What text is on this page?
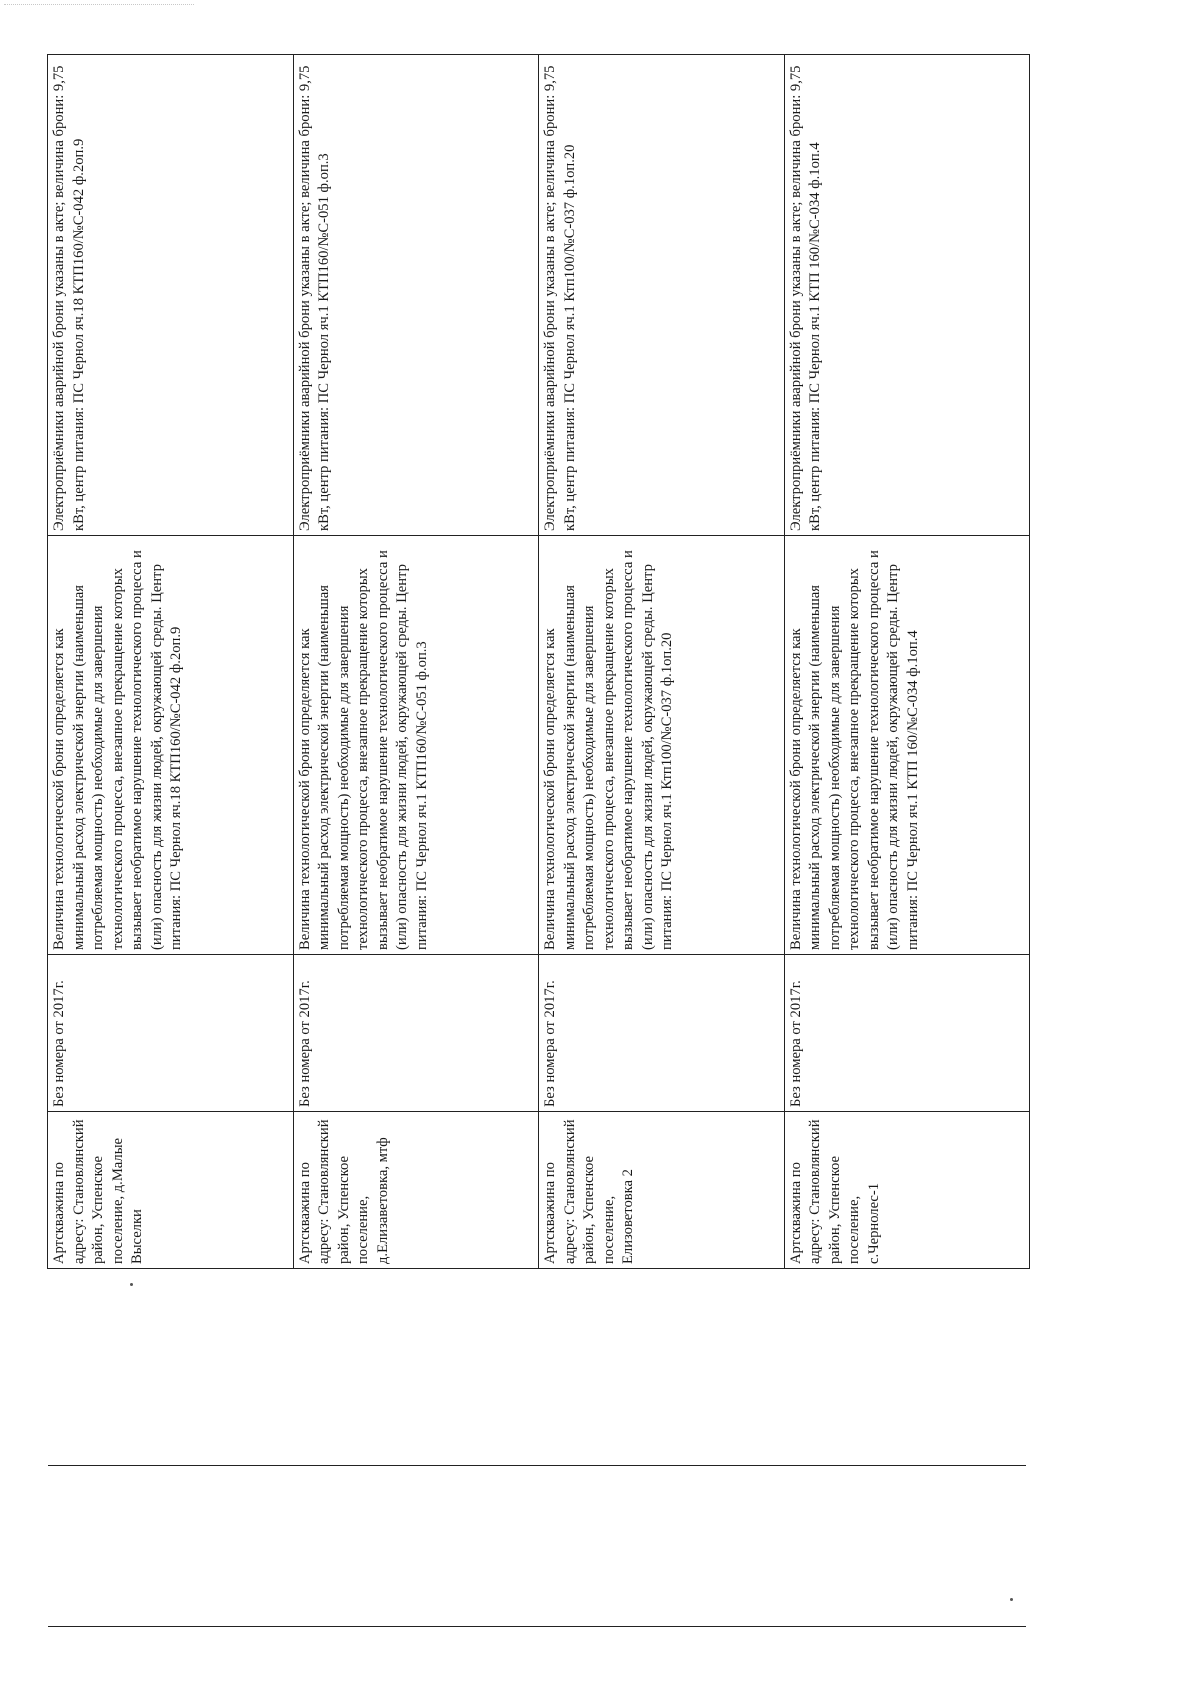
Артскважина по адресу: Становлянский район, Успенское поселение, д.Малые Выселки	Без номера от 2017г.	Величина технологической брони определяется как минимальный расход электрической энергии (наименьшая потребляемая мощность) необходимые для завершения технологического процесса, внезапное прекращение которых вызывает необратимое нарушение технологического процесса и (или) опасность для жизни людей, окружающей среды. Центр питания: ПС Чернол яч.18 КТП160/№С-042 ф.2оп.9	Электроприёмники аварийной брони указаны в акте; величина брони: 9,75 кВт, центр питания: ПС Чернол яч.18 КТП160/№С-042 ф.2оп.9

Артскважина по адресу: Становлянский район, Успенское поселение, д.Елизаветовка, мтф	Без номера от 2017г.	Величина технологической брони определяется как минимальный расход электрической энергии (наименьшая потребляемая мощность) необходимые для завершения технологического процесса, внезапное прекращение которых вызывает необратимое нарушение технологического процесса и (или) опасность для жизни людей, окружающей среды. Центр питания: ПС Чернол яч.1 КТП160/№С-051 ф.оп.3	Электроприёмники аварийной брони указаны в акте; величина брони: 9,75 кВт, центр питания: ПС Чернол яч.1 КТП160/№С-051 ф.оп.3

Артскважина по адресу: Становлянский район, Успенское поселение, Елизоветовка 2	Без номера от 2017г.	Величина технологической брони определяется как минимальный расход электрической энергии (наименьшая потребляемая мощность) необходимые для завершения технологического процесса, внезапное прекращение которых вызывает необратимое нарушение технологического процесса и (или) опасность для жизни людей, окружающей среды. Центр питания: ПС Чернол яч.1 Ктп100/№С-037 ф.1оп.20	Электроприёмники аварийной брони указаны в акте; величина брони: 9,75 кВт, центр питания: ПС Чернол яч.1 Ктп100/№С-037 ф.1оп.20

Артскважина по адресу: Становлянский район, Успенское поселение, с.Чернолес-1	Без номера от 2017г.	Величина технологической брони определяется как минимальный расход электрической энергии (наименьшая потребляемая мощность) необходимые для завершения технологического процесса, внезапное прекращение которых вызывает необратимое нарушение технологического процесса и (или) опасность для жизни людей, окружающей среды. Центр питания: ПС Чернол яч.1 КТП 160/№С-034 ф.1оп.4	Электроприёмники аварийной брони указаны в акте; величина брони: 9,75 кВт, центр питания: ПС Чернол яч.1 КТП 160/№С-034 ф.1оп.4
